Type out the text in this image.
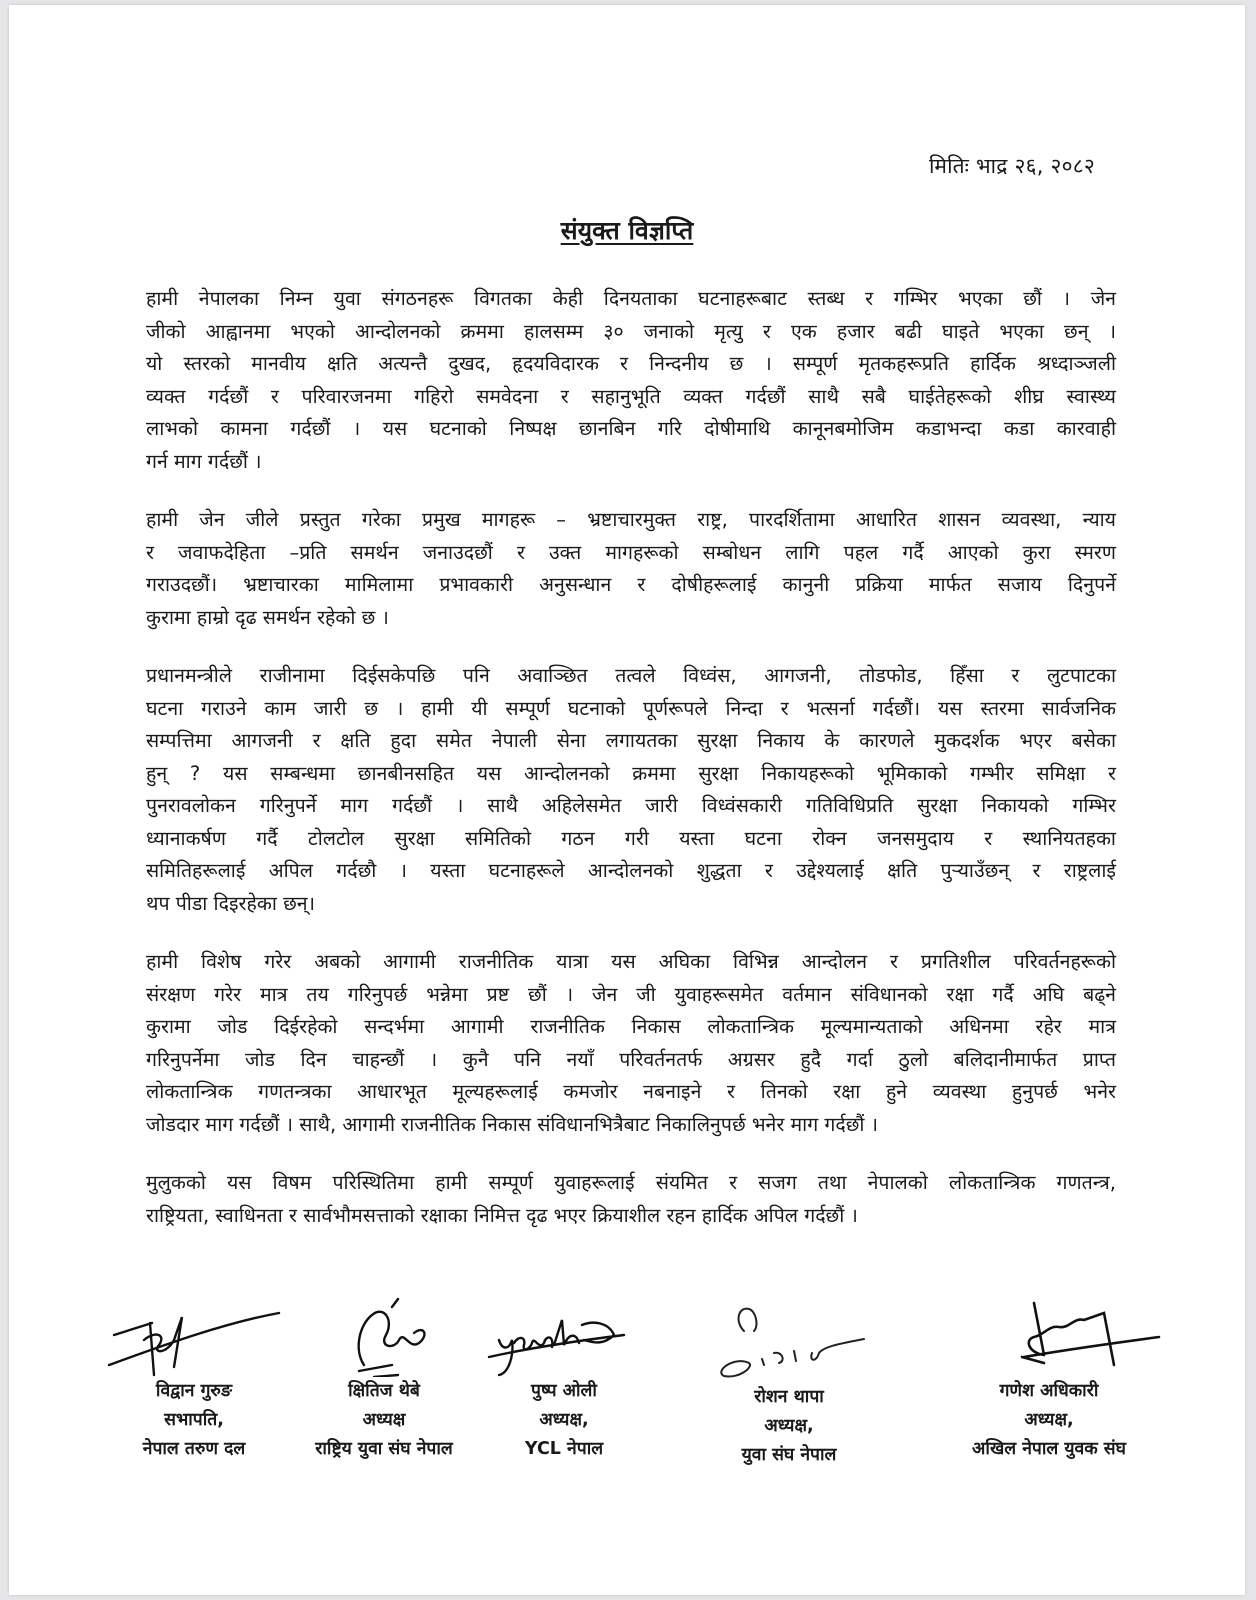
मितिः भाद्र २६, २०८२
संयुक्त विज्ञप्ति

हामी नेपालका निम्न युवा संगठनहरू विगतका केही दिनयताका घटनाहरूबाट स्तब्ध र गम्भिर भएका छौं । जेन
जीको आह्वानमा भएको आन्दोलनको क्रममा हालसम्म ३० जनाको मृत्यु र एक हजार बढी घाइते भएका छन् ।
यो स्तरको मानवीय क्षति अत्यन्तै दुखद, हृदयविदारक र निन्दनीय छ । सम्पूर्ण मृतकहरूप्रति हार्दिक श्रध्दाञ्जली
व्यक्त गर्दछौं र परिवारजनमा गहिरो समवेदना र सहानुभूति व्यक्त गर्दछौं साथै सबै घाईतेहरूको शीघ्र स्वास्थ्य
लाभको कामना गर्दछौं । यस घटनाको निष्पक्ष छानबिन गरि दोषीमाथि कानूनबमोजिम कडाभन्दा कडा कारवाही
गर्न माग गर्दछौं ।

हामी जेन जीले प्रस्तुत गरेका प्रमुख मागहरू – भ्रष्टाचारमुक्त राष्ट्र, पारदर्शितामा आधारित शासन व्यवस्था, न्याय
र जवाफदेहिता –प्रति समर्थन जनाउदछौं र उक्त मागहरूको सम्बोधन लागि पहल गर्दै आएको कुरा स्मरण
गराउदछौं। भ्रष्टाचारका मामिलामा प्रभावकारी अनुसन्धान र दोषीहरूलाई कानुनी प्रक्रिया मार्फत सजाय दिनुपर्ने
कुरामा हाम्रो दृढ समर्थन रहेको छ ।

प्रधानमन्त्रीले राजीनामा दिईसकेपछि पनि अवाञ्छित तत्वले विध्वंस, आगजनी, तोडफोड, हिँसा र लुटपाटका
घटना गराउने काम जारी छ । हामी यी सम्पूर्ण घटनाको पूर्णरूपले निन्दा र भत्सर्ना गर्दछौं। यस स्तरमा सार्वजनिक
सम्पत्तिमा आगजनी र क्षति हुदा समेत नेपाली सेना लगायतका सुरक्षा निकाय के कारणले मुकदर्शक भएर बसेका
हुन् ? यस सम्बन्धमा छानबीनसहित यस आन्दोलनको क्रममा सुरक्षा निकायहरूको भूमिकाको गम्भीर समिक्षा र
पुनरावलोकन गरिनुपर्ने माग गर्दछौं । साथै अहिलेसमेत जारी विध्वंसकारी गतिविधिप्रति सुरक्षा निकायको गम्भिर
ध्यानाकर्षण गर्दै टोलटोल सुरक्षा समितिको गठन गरी यस्ता घटना रोक्न जनसमुदाय र स्थानियतहका
समितिहरूलाई अपिल गर्दछौ । यस्ता घटनाहरूले आन्दोलनको शुद्धता र उद्देश्यलाई क्षति पुऱ्याउँछन् र राष्ट्रलाई
थप पीडा दिइरहेका छन्।

हामी विशेष गरेर अबको आगामी राजनीतिक यात्रा यस अघिका विभिन्न आन्दोलन र प्रगतिशील परिवर्तनहरूको
संरक्षण गरेर मात्र तय गरिनुपर्छ भन्नेमा प्रष्ट छौं । जेन जी युवाहरूसमेत वर्तमान संविधानको रक्षा गर्दै अघि बढ्ने
कुरामा जोड दिईरहेको सन्दर्भमा आगामी राजनीतिक निकास लोकतान्त्रिक मूल्यमान्यताको अधिनमा रहेर मात्र
गरिनुपर्नेमा जोड दिन चाहन्छौं । कुनै पनि नयाँ परिवर्तनतर्फ अग्रसर हुदै गर्दा ठुलो बलिदानीमार्फत प्राप्त
लोकतान्त्रिक गणतन्त्रका आधारभूत मूल्यहरूलाई कमजोर नबनाइने र तिनको रक्षा हुने व्यवस्था हुनुपर्छ भनेर
जोडदार माग गर्दछौं । साथै, आगामी राजनीतिक निकास संविधानभित्रैबाट निकालिनुपर्छ भनेर माग गर्दछौं ।

मुलुकको यस विषम परिस्थितिमा हामी सम्पूर्ण युवाहरूलाई संयमित र सजग तथा नेपालको लोकतान्त्रिक गणतन्त्र,
राष्ट्रियता, स्वाधिनता र सार्वभौमसत्ताको रक्षाका निमित्त दृढ भएर क्रियाशील रहन हार्दिक अपिल गर्दछौं ।

विद्वान गुरुङ
सभापति,
नेपाल तरुण दल
क्षितिज थेबे
अध्यक्ष
राष्ट्रिय युवा संघ नेपाल
पुष्प ओली
अध्यक्ष,
YCL नेपाल
रोशन थापा
अध्यक्ष,
युवा संघ नेपाल
गणेश अधिकारी
अध्यक्ष,
अखिल नेपाल युवक संघ
